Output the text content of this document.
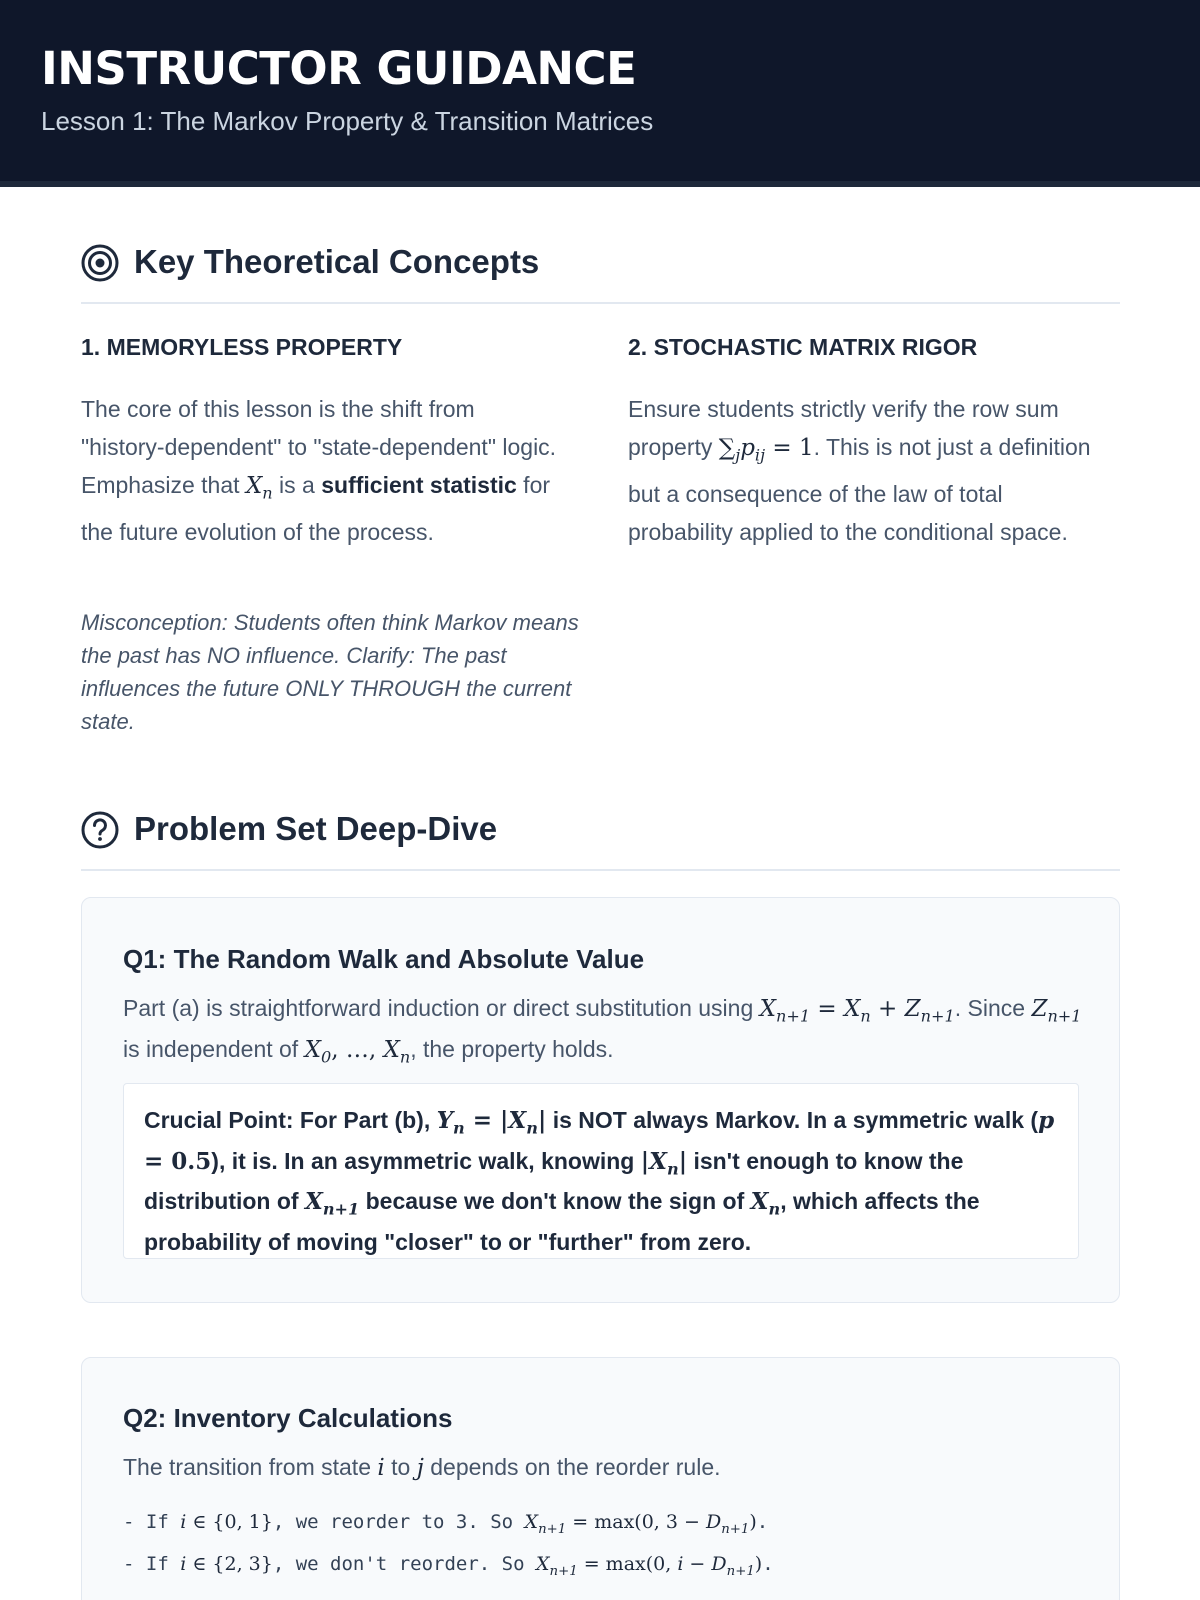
INSTRUCTOR GUIDANCE
Lesson 1: The Markov Property & Transition Matrices
Key Theoretical Concepts
1. MEMORYLESS PROPERTY
The core of this lesson is the shift from "history-dependent" to "state-dependent" logic. Emphasize that $X_n$ is a sufficient statistic for the future evolution of the process.
Misconception: Students often think Markov means the past has NO influence. Clarify: The past influences the future ONLY THROUGH the current state.
2. STOCHASTIC MATRIX RIGOR
Ensure students strictly verify the row sum property $\sum_jp_{ij} = 1$. This is not just a definition but a consequence of the law of total probability applied to the conditional space.
Problem Set Deep-Dive
Q1: The Random Walk and Absolute Value
Part (a) is straightforward induction or direct substitution using $X_{n+1} = X_n + Z_{n+1}$. Since $Z_{n+1}$ is independent of $X_0$, …, $X_n$, the property holds.
Crucial Point: For Part (b), $Y_n = |X_n|$ is NOT always Markov. In a symmetric walk (p = 0.5), it is. In an asymmetric walk, knowing $|X_n|$ isn't enough to know the distribution of $X_{n+1}$ because we don't know the sign of $X_n$, which affects the probability of moving "closer" to or "further" from zero.
Q2: Inventory Calculations
The transition from state i to j depends on the reorder rule.
- If i ∈ {0, 1}, we reorder to 3. So $X_{n+1} = \max(0$, $3 - D_{n+1}$).
- If i ∈ {2, 3}, we don't reorder. So $X_{n+1} = \max(0$, $i - D_{n+1}$).
